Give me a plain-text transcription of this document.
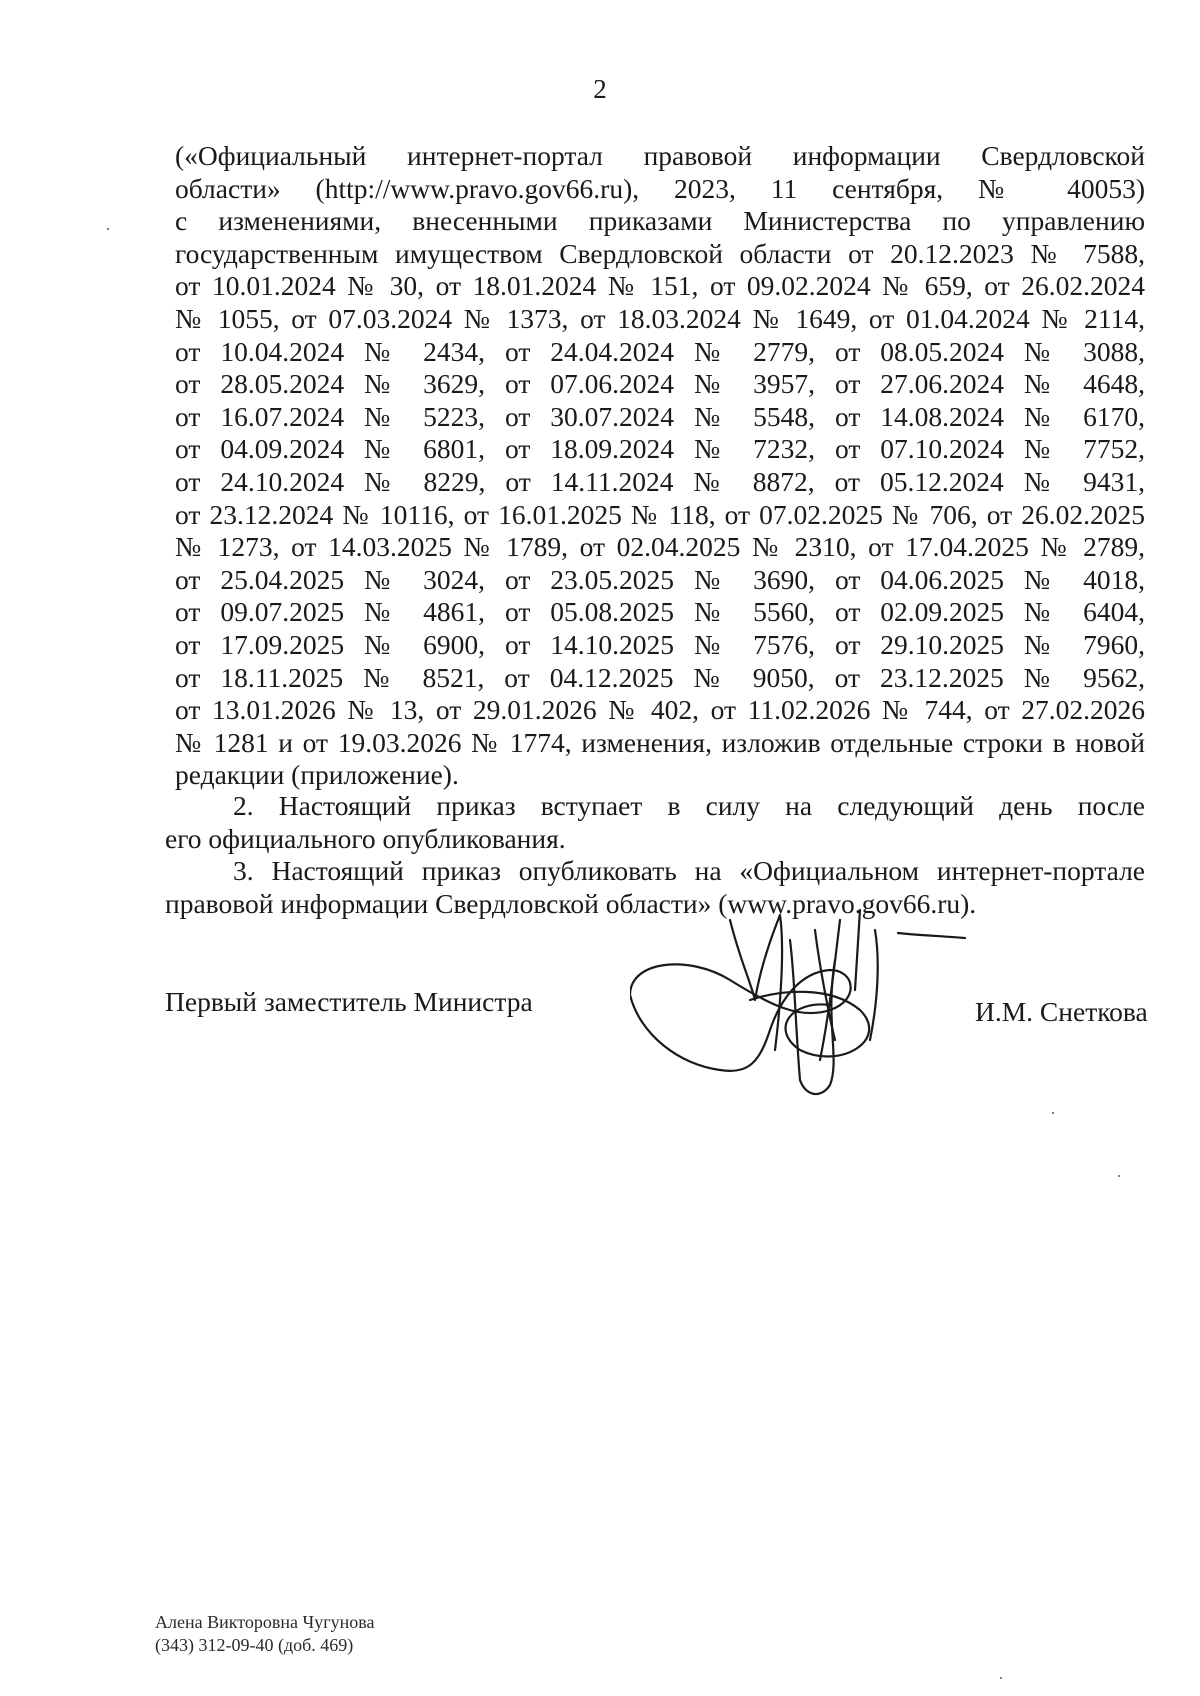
2
(«Официальный интернет-портал правовой информации Свердловской
области» (http://www.pravo.gov66.ru), 2023, 11 сентября, № 40053)
с изменениями, внесенными приказами Министерства по управлению
государственным имуществом Свердловской области от 20.12.2023 № 7588,
от 10.01.2024 № 30, от 18.01.2024 № 151, от 09.02.2024 № 659, от 26.02.2024
№ 1055, от 07.03.2024 № 1373, от 18.03.2024 № 1649, от 01.04.2024 № 2114,
от 10.04.2024 № 2434, от 24.04.2024 № 2779, от 08.05.2024 № 3088,
от 28.05.2024 № 3629, от 07.06.2024 № 3957, от 27.06.2024 № 4648,
от 16.07.2024 № 5223, от 30.07.2024 № 5548, от 14.08.2024 № 6170,
от 04.09.2024 № 6801, от 18.09.2024 № 7232, от 07.10.2024 № 7752,
от 24.10.2024 № 8229, от 14.11.2024 № 8872, от 05.12.2024 № 9431,
от 23.12.2024 № 10116, от 16.01.2025 № 118, от 07.02.2025 № 706, от 26.02.2025
№ 1273, от 14.03.2025 № 1789, от 02.04.2025 № 2310, от 17.04.2025 № 2789,
от 25.04.2025 № 3024, от 23.05.2025 № 3690, от 04.06.2025 № 4018,
от 09.07.2025 № 4861, от 05.08.2025 № 5560, от 02.09.2025 № 6404,
от 17.09.2025 № 6900, от 14.10.2025 № 7576, от 29.10.2025 № 7960,
от 18.11.2025 № 8521, от 04.12.2025 № 9050, от 23.12.2025 № 9562,
от 13.01.2026 № 13, от 29.01.2026 № 402, от 11.02.2026 № 744, от 27.02.2026
№ 1281 и от 19.03.2026 № 1774, изменения, изложив отдельные строки в новой
редакции (приложение).
2. Настоящий приказ вступает в силу на следующий день после
его официального опубликования.
3. Настоящий приказ опубликовать на «Официальном интернет-портале
правовой информации Свердловской области» (www.pravo.gov66.ru).
Первый заместитель Министра	И.М. Снеткова
Алена Викторовна Чугунова
(343) 312-09-40 (доб. 469)
